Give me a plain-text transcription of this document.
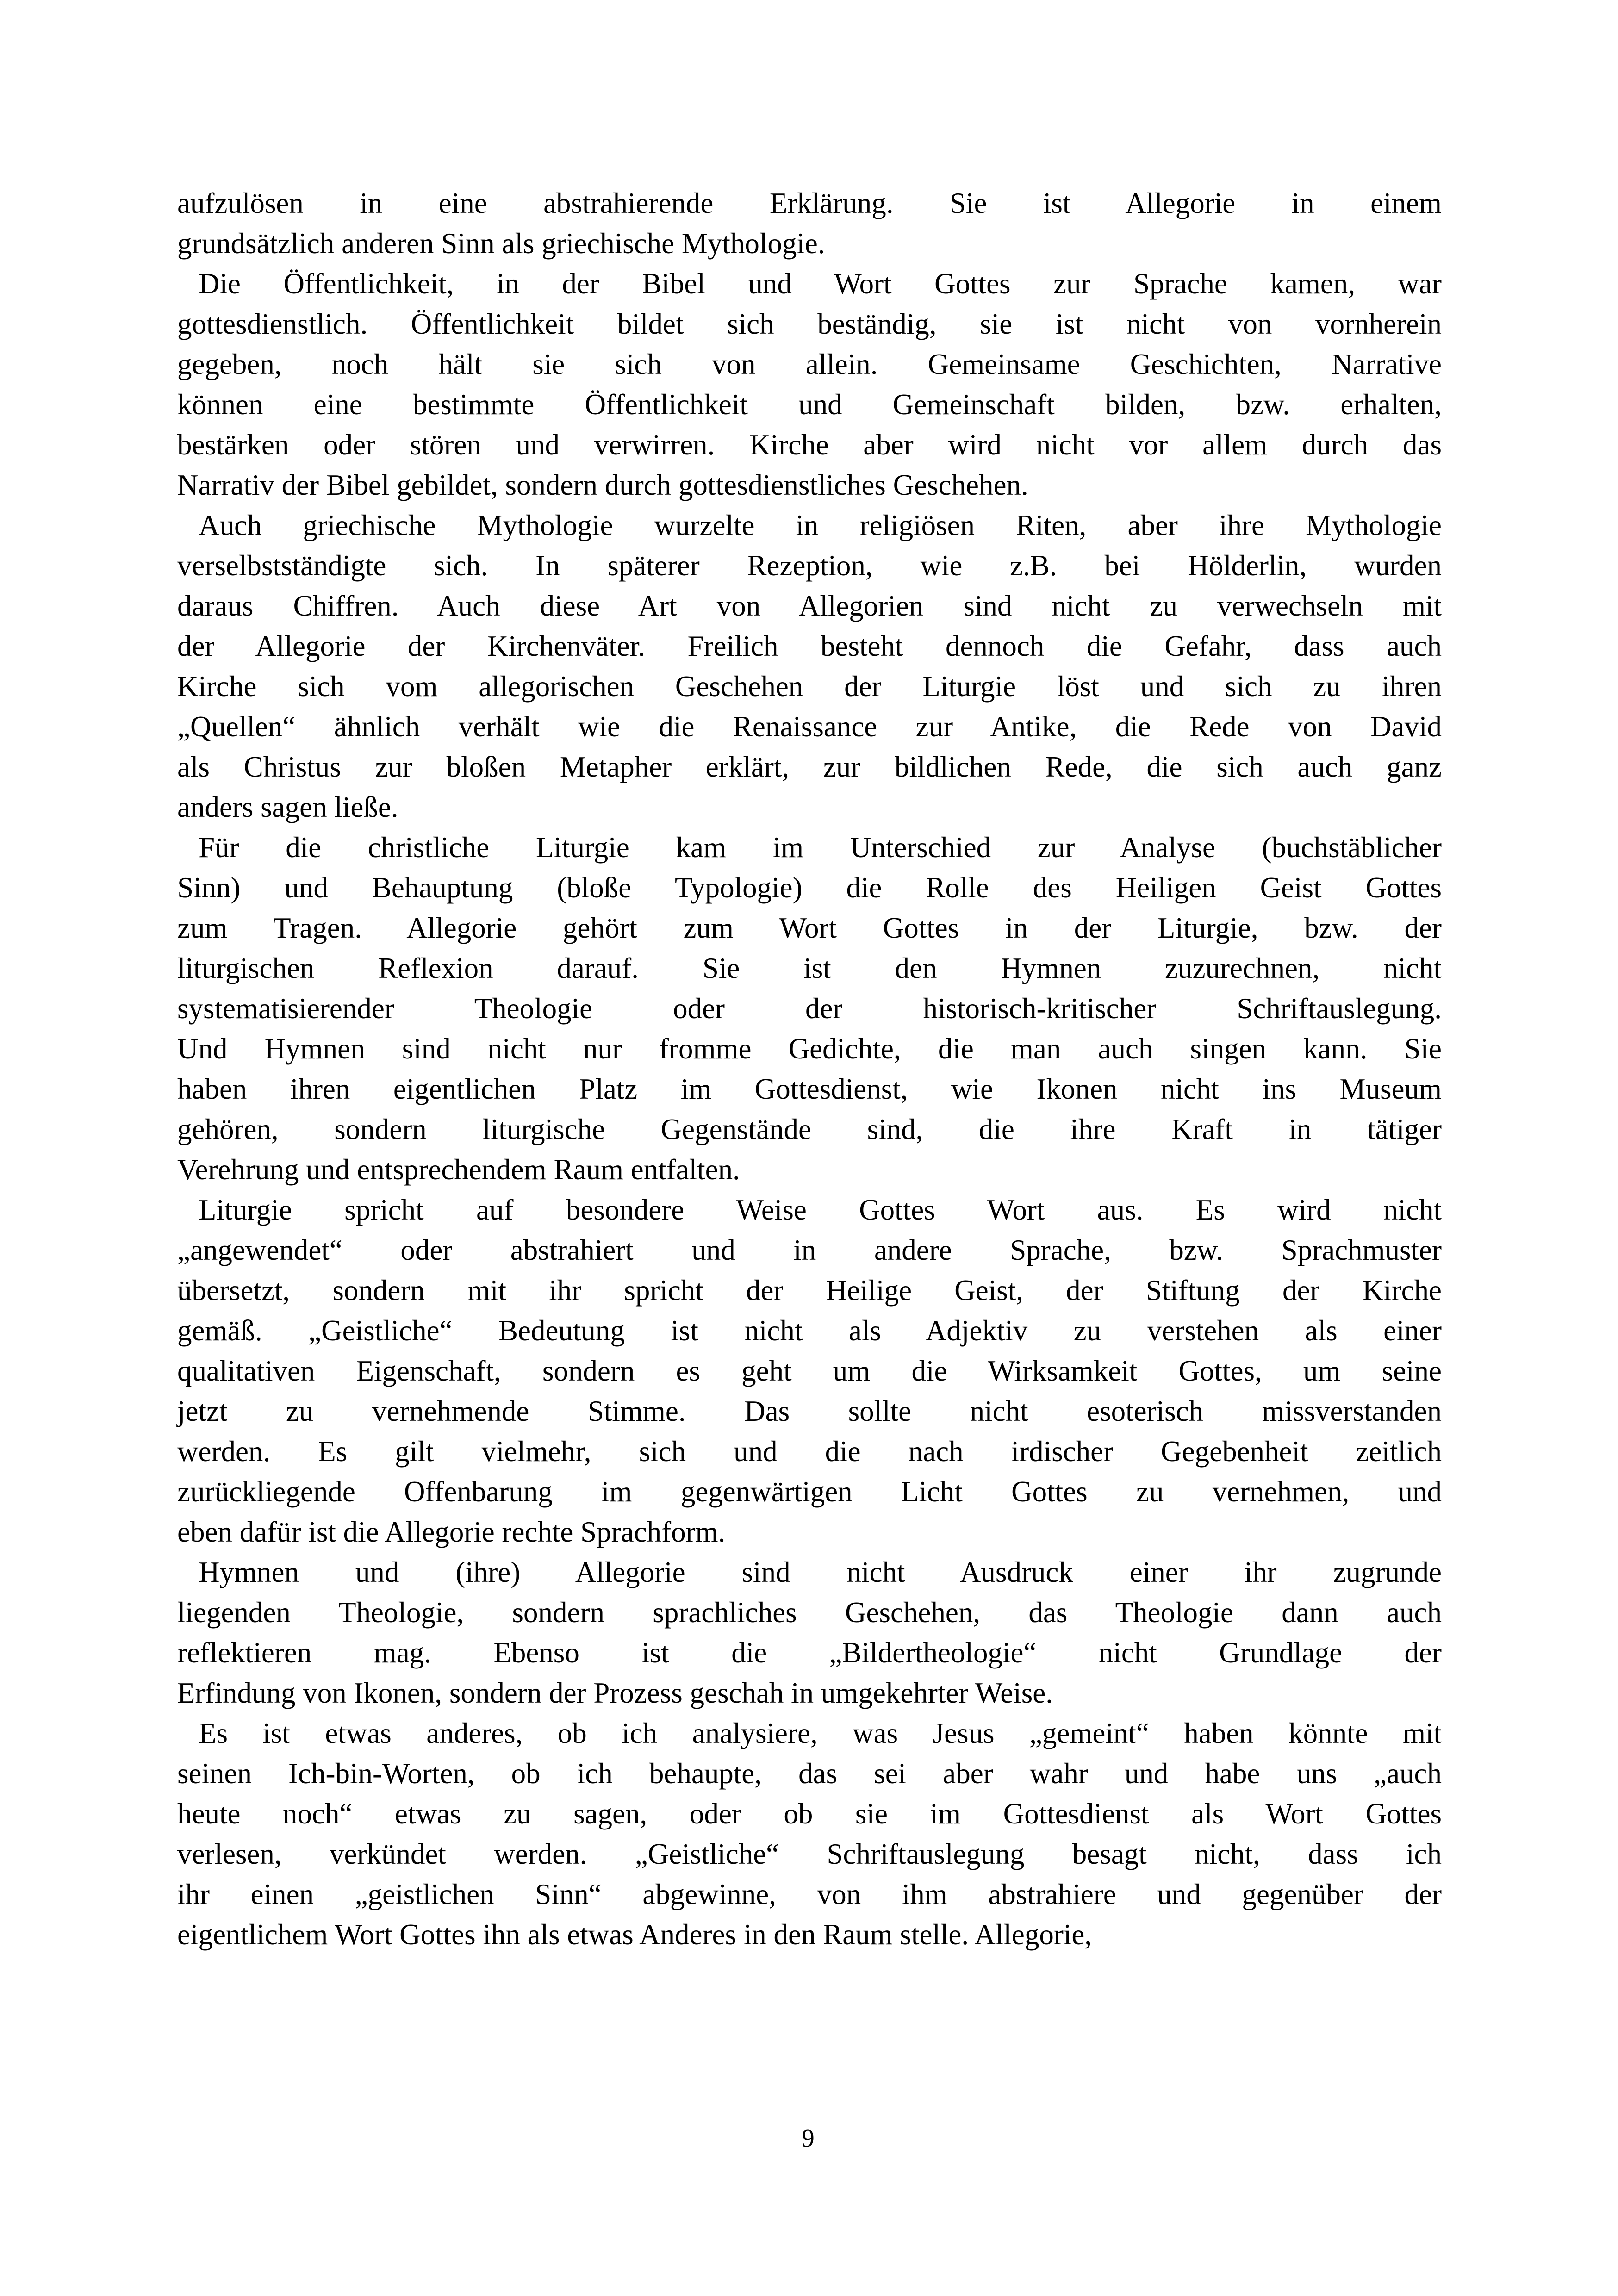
aufzulösen in eine abstrahierende Erklärung. Sie ist Allegorie in einem
grundsätzlich anderen Sinn als griechische Mythologie.
Die Öffentlichkeit, in der Bibel und Wort Gottes zur Sprache kamen, war
gottesdienstlich. Öffentlichkeit bildet sich beständig, sie ist nicht von vornherein
gegeben, noch hält sie sich von allein. Gemeinsame Geschichten, Narrative
können eine bestimmte Öffentlichkeit und Gemeinschaft bilden, bzw. erhalten,
bestärken oder stören und verwirren. Kirche aber wird nicht vor allem durch das
Narrativ der Bibel gebildet, sondern durch gottesdienstliches Geschehen.
Auch griechische Mythologie wurzelte in religiösen Riten, aber ihre Mythologie
verselbstständigte sich. In späterer Rezeption, wie z.B. bei Hölderlin, wurden
daraus Chiffren. Auch diese Art von Allegorien sind nicht zu verwechseln mit
der Allegorie der Kirchenväter. Freilich besteht dennoch die Gefahr, dass auch
Kirche sich vom allegorischen Geschehen der Liturgie löst und sich zu ihren
„Quellen“ ähnlich verhält wie die Renaissance zur Antike, die Rede von David
als Christus zur bloßen Metapher erklärt, zur bildlichen Rede, die sich auch ganz
anders sagen ließe.
Für die christliche Liturgie kam im Unterschied zur Analyse (buchstäblicher
Sinn) und Behauptung (bloße Typologie) die Rolle des Heiligen Geist Gottes
zum Tragen. Allegorie gehört zum Wort Gottes in der Liturgie, bzw. der
liturgischen Reflexion darauf. Sie ist den Hymnen zuzurechnen, nicht
systematisierender Theologie oder der historisch-kritischer Schriftauslegung.
Und Hymnen sind nicht nur fromme Gedichte, die man auch singen kann. Sie
haben ihren eigentlichen Platz im Gottesdienst, wie Ikonen nicht ins Museum
gehören, sondern liturgische Gegenstände sind, die ihre Kraft in tätiger
Verehrung und entsprechendem Raum entfalten.
Liturgie spricht auf besondere Weise Gottes Wort aus. Es wird nicht
„angewendet“ oder abstrahiert und in andere Sprache, bzw. Sprachmuster
übersetzt, sondern mit ihr spricht der Heilige Geist, der Stiftung der Kirche
gemäß. „Geistliche“ Bedeutung ist nicht als Adjektiv zu verstehen als einer
qualitativen Eigenschaft, sondern es geht um die Wirksamkeit Gottes, um seine
jetzt zu vernehmende Stimme. Das sollte nicht esoterisch missverstanden
werden. Es gilt vielmehr, sich und die nach irdischer Gegebenheit zeitlich
zurückliegende Offenbarung im gegenwärtigen Licht Gottes zu vernehmen, und
eben dafür ist die Allegorie rechte Sprachform.
Hymnen und (ihre) Allegorie sind nicht Ausdruck einer ihr zugrunde
liegenden Theologie, sondern sprachliches Geschehen, das Theologie dann auch
reflektieren mag. Ebenso ist die „Bildertheologie“ nicht Grundlage der
Erfindung von Ikonen, sondern der Prozess geschah in umgekehrter Weise.
Es ist etwas anderes, ob ich analysiere, was Jesus „gemeint“ haben könnte mit
seinen Ich-bin-Worten, ob ich behaupte, das sei aber wahr und habe uns „auch
heute noch“ etwas zu sagen, oder ob sie im Gottesdienst als Wort Gottes
verlesen, verkündet werden. „Geistliche“ Schriftauslegung besagt nicht, dass ich
ihr einen „geistlichen Sinn“ abgewinne, von ihm abstrahiere und gegenüber der
eigentlichem Wort Gottes ihn als etwas Anderes in den Raum stelle. Allegorie,
9
